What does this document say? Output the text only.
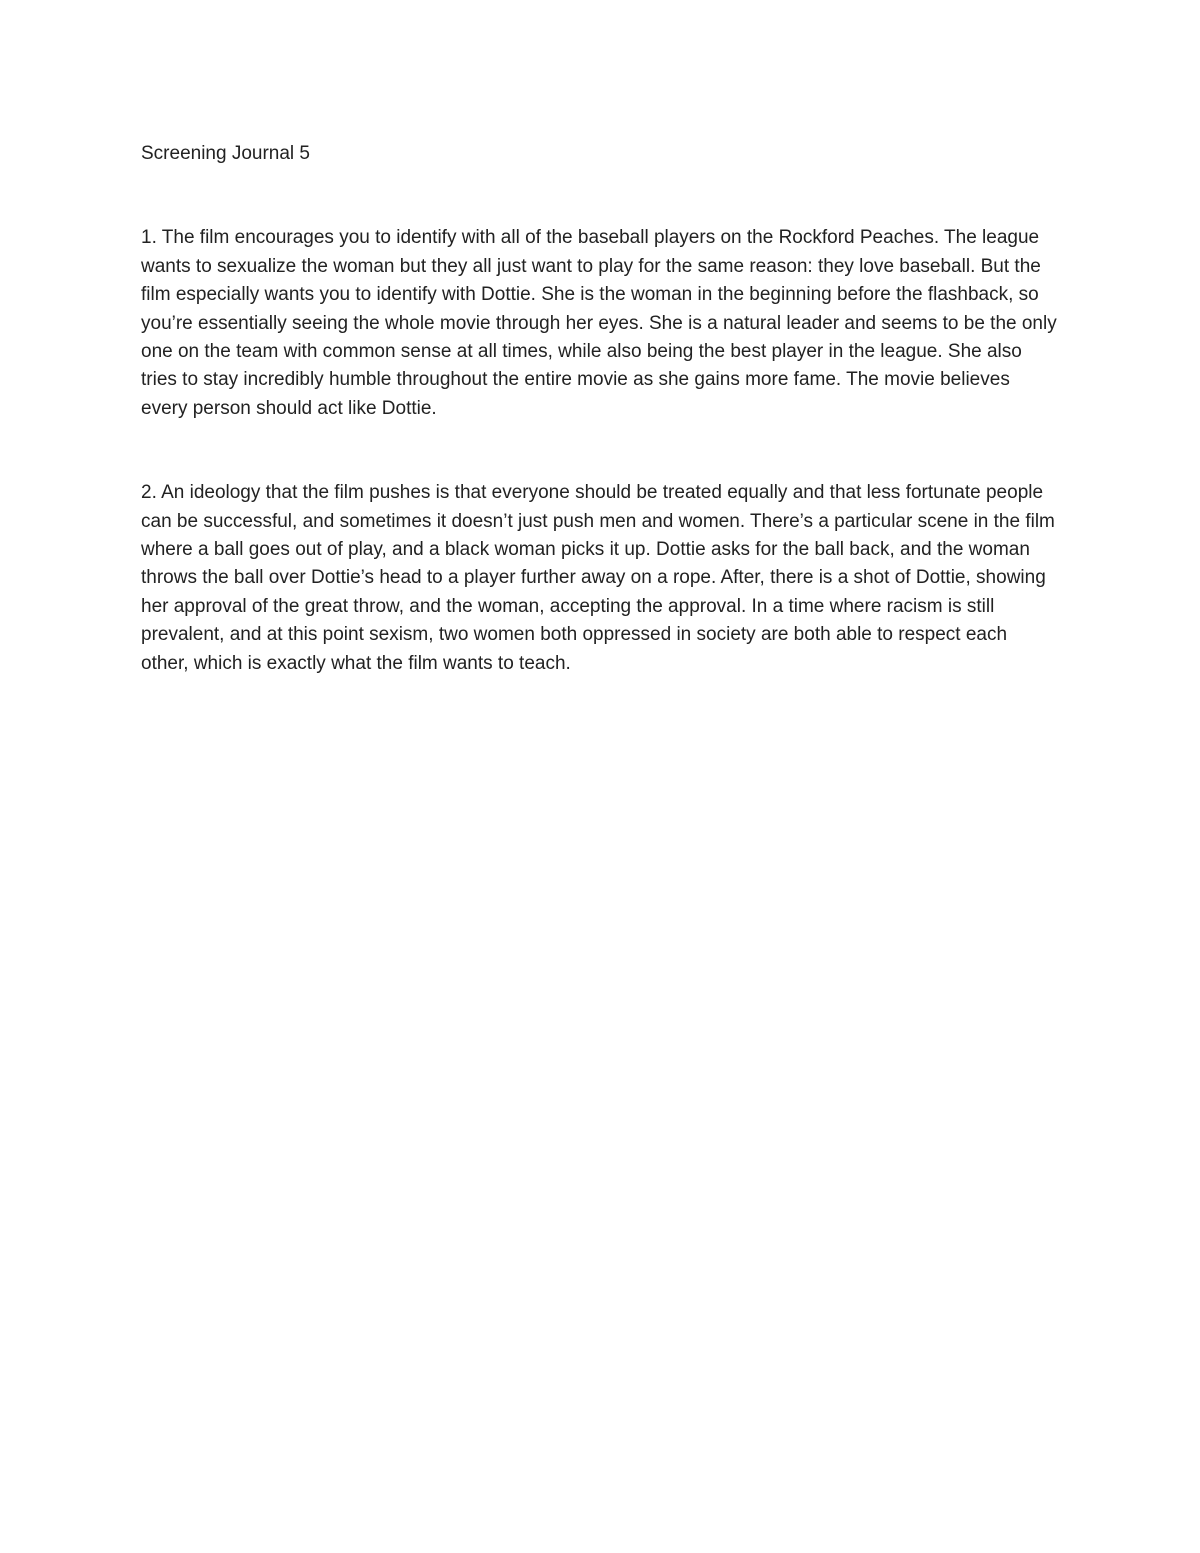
Screening Journal 5

1. The film encourages you to identify with all of the baseball players on the Rockford Peaches. The league wants to sexualize the woman but they all just want to play for the same reason: they love baseball. But the film especially wants you to identify with Dottie. She is the woman in the beginning before the flashback, so you’re essentially seeing the whole movie through her eyes. She is a natural leader and seems to be the only one on the team with common sense at all times, while also being the best player in the league. She also tries to stay incredibly humble throughout the entire movie as she gains more fame. The movie believes every person should act like Dottie.

2. An ideology that the film pushes is that everyone should be treated equally and that less fortunate people can be successful, and sometimes it doesn’t just push men and women. There’s a particular scene in the film where a ball goes out of play, and a black woman picks it up. Dottie asks for the ball back, and the woman throws the ball over Dottie’s head to a player further away on a rope. After, there is a shot of Dottie, showing her approval of the great throw, and the woman, accepting the approval. In a time where racism is still prevalent, and at this point sexism, two women both oppressed in society are both able to respect each other, which is exactly what the film wants to teach.
